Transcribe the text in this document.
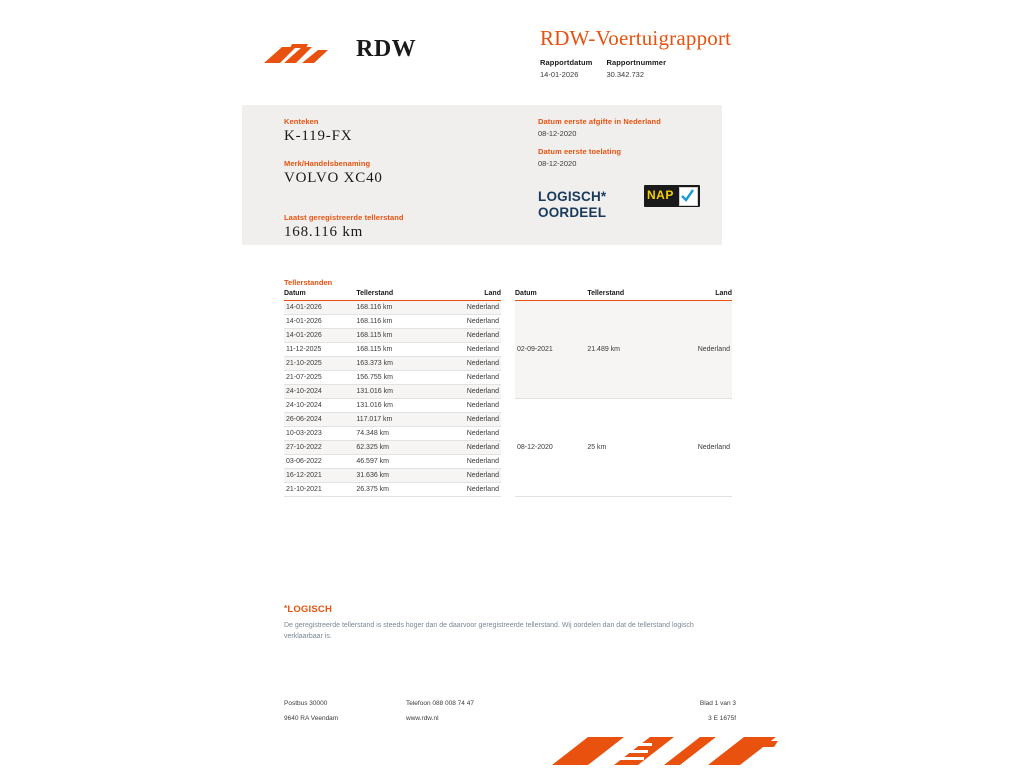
RDW	RDW-Voertuigrapport
Rapportdatum
14-01-2026

Rapportnummer
30.342.732
Kenteken
K-119-FX
Merk/Handelsbenaming
VOLVO XC40
Laatst geregistreerde tellerstand
168.116 km
Datum eerste afgifte in Nederland
08-12-2020
Datum eerste toelating
08-12-2020
LOGISCH*
OORDEEL
NAP
Tellerstanden
Datum	Tellerstand	Land
14-01-2026	168.116 km	Nederland
14-01-2026	168.116 km	Nederland
14-01-2026	168.115 km	Nederland
11-12-2025	168.115 km	Nederland
21-10-2025	163.373 km	Nederland
21-07-2025	156.755 km	Nederland
24-10-2024	131.016 km	Nederland
24-10-2024	131.016 km	Nederland
26-06-2024	117.017 km	Nederland
10-03-2023	74.348 km	Nederland
27-10-2022	62.325 km	Nederland
03-06-2022	46.597 km	Nederland
16-12-2021	31.636 km	Nederland
21-10-2021	26.375 km	Nederland
Datum	Tellerstand	Land
02-09-2021	21.489 km	Nederland
08-12-2020	25 km	Nederland
*LOGISCH
De geregistreerde tellerstand is steeds hoger dan de daarvoor geregistreerde tellerstand. Wij oordelen dan dat de tellerstand logisch verklaarbaar is.
Postbus 30000
9640 RA Veendam
Telefoon 088 008 74 47
www.rdw.nl
Blad 1 van 3
3 E 1675f
